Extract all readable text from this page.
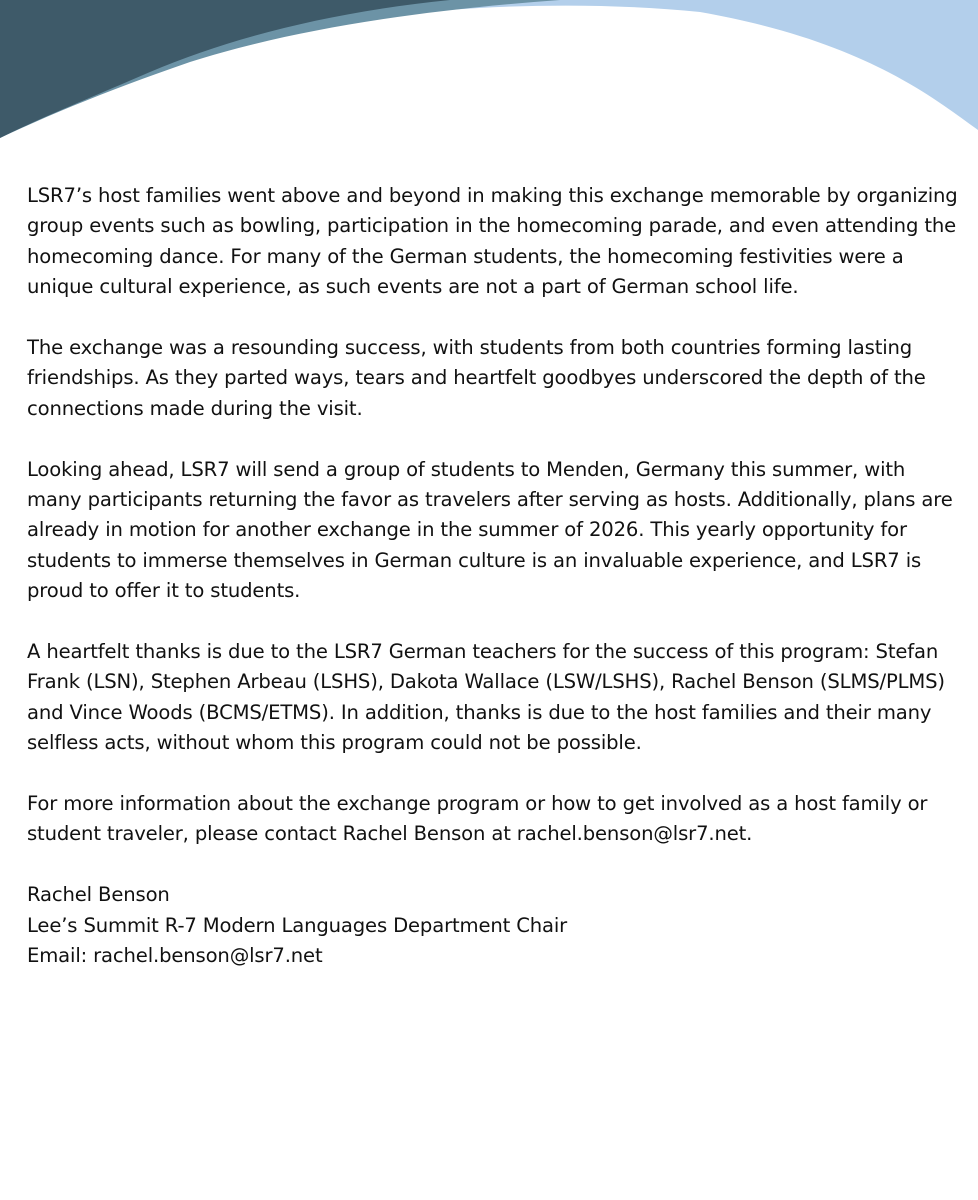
LSR7’s host families went above and beyond in making this exchange memorable by organizing group events such as bowling, participation in the homecoming parade, and even attending the homecoming dance. For many of the German students, the homecoming festivities were a unique cultural experience, as such events are not a part of German school life.

The exchange was a resounding success, with students from both countries forming lasting friendships. As they parted ways, tears and heartfelt goodbyes underscored the depth of the connections made during the visit.

Looking ahead, LSR7 will send a group of students to Menden, Germany this summer, with many participants returning the favor as travelers after serving as hosts. Additionally, plans are already in motion for another exchange in the summer of 2026. This yearly opportunity for students to immerse themselves in German culture is an invaluable experience, and LSR7 is proud to offer it to students.

A heartfelt thanks is due to the LSR7 German teachers for the success of this program: Stefan Frank (LSN), Stephen Arbeau (LSHS), Dakota Wallace (LSW/LSHS), Rachel Benson (SLMS/PLMS) and Vince Woods (BCMS/ETMS). In addition, thanks is due to the host families and their many selfless acts, without whom this program could not be possible.

For more information about the exchange program or how to get involved as a host family or student traveler, please contact Rachel Benson at rachel.benson@lsr7.net.

Rachel Benson
Lee’s Summit R-7 Modern Languages Department Chair
Email: rachel.benson@lsr7.net
